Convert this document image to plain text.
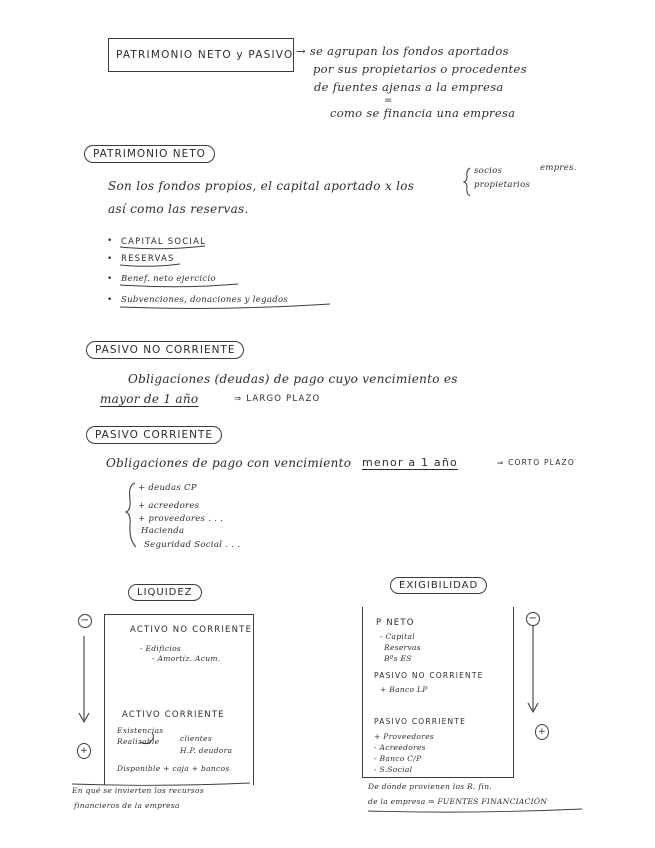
PATRIMONIO NETO y PASIVO → se agrupan los fondos aportados
por sus propietarios o procedentes
de fuentes ajenas a la empresa
=
como se financia una empresa
PATRIMONIO NETO
Son los fondos propios, el capital aportado x los
socios
propietarios
empres.
así como las reservas.
• CAPITAL SOCIAL
• RESERVAS
• Benef. neto ejercicio
• Subvenciones, donaciones y legados
PASIVO NO CORRIENTE
Obligaciones (deudas) de pago cuyo vencimiento es
mayor de 1 año	⇒ LARGO PLAZO
PASIVO CORRIENTE
Obligaciones de pago con vencimiento menor a 1 año	⇒ CORTO PLAZO
+ deudas CP
+ acreedores
+ proveedores . . .
Hacienda
Seguridad Social . . .
LIQUIDEZ
−
+
ACTIVO NO CORRIENTE
- Edificios
- Amortiz. Acum.
ACTIVO CORRIENTE
Existencias
Realizable	clientes
H.P. deudora
Disponible + caja + bancos
En qué se invierten los recursos
financieros de la empresa
EXIGIBILIDAD
−
+
P NETO
- Capital
Reservas
Bºs ES
PASIVO NO CORRIENTE
+ Banco LP
PASIVO CORRIENTE
+ Proveedores
- Acreedores
- Banco C/P
- S.Social
De dónde provienen los R. fin.
de la empresa ⇒ FUENTES FINANCIACIÓN
